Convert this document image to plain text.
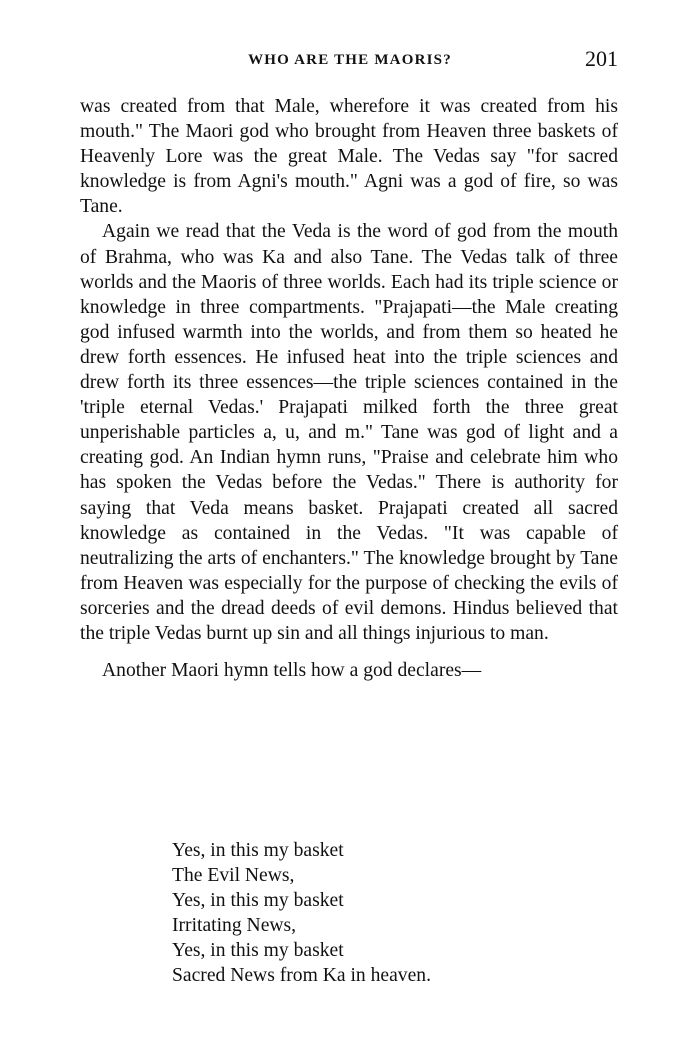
WHO ARE THE MAORIS?	201

was created from that Male, wherefore it was created from his mouth." The Maori god who brought from Heaven three baskets of Heavenly Lore was the great Male. The Vedas say "for sacred knowledge is from Agni's mouth." Agni was a god of fire, so was Tane.

Again we read that the Veda is the word of god from the mouth of Brahma, who was Ka and also Tane. The Vedas talk of three worlds and the Maoris of three worlds. Each had its triple science or knowledge in three compartments. "Prajapati—the Male creating god infused warmth into the worlds, and from them so heated he drew forth essences. He infused heat into the triple sciences and drew forth its three essences—the triple sciences contained in the 'triple eternal Vedas.' Prajapati milked forth the three great unperishable particles a, u, and m." Tane was god of light and a creating god. An Indian hymn runs, "Praise and celebrate him who has spoken the Vedas before the Vedas." There is authority for saying that Veda means basket. Prajapati created all sacred knowledge as contained in the Vedas. "It was capable of neutralizing the arts of enchanters." The knowledge brought by Tane from Heaven was especially for the purpose of checking the evils of sorceries and the dread deeds of evil demons. Hindus believed that the triple Vedas burnt up sin and all things injurious to man.

Another Maori hymn tells how a god declares—

Yes, in this my basket
The Evil News,
Yes, in this my basket
Irritating News,
Yes, in this my basket
Sacred News from Ka in heaven.
